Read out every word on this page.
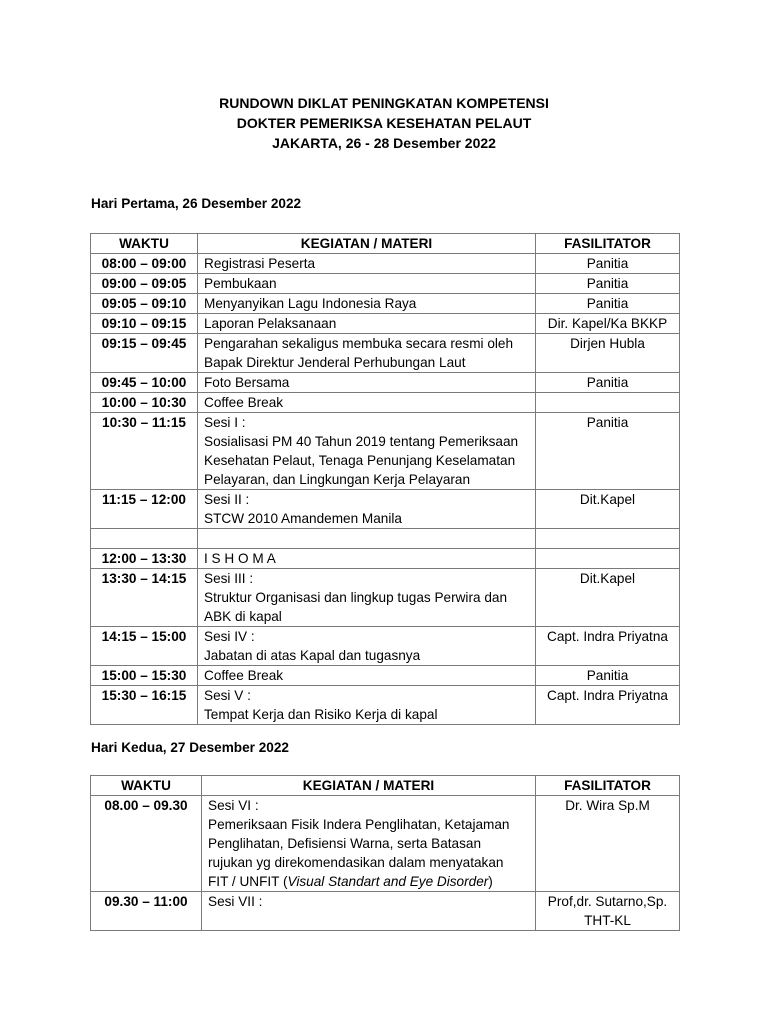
RUNDOWN DIKLAT PENINGKATAN KOMPETENSI
DOKTER PEMERIKSA KESEHATAN PELAUT
JAKARTA, 26 - 28 Desember 2022
Hari Pertama, 26 Desember 2022
WAKTU	KEGIATAN / MATERI	FASILITATOR
08:00 – 09:00	Registrasi Peserta	Panitia

09:00 – 09:05	Pembukaan	Panitia

09:05 – 09:10	Menyanyikan Lagu Indonesia Raya	Panitia

09:10 – 09:15	Laporan Pelaksanaan	Dir. Kapel/Ka BKKP

09:15 – 09:45	Pengarahan sekaligus membuka secara resmi oleh
Bapak Direktur Jenderal Perhubungan Laut	Dirjen Hubla

09:45 – 10:00	Foto Bersama	Panitia

10:00 – 10:30	Coffee Break	

10:30 – 11:15	Sesi I :
Sosialisasi PM 40 Tahun 2019 tentang Pemeriksaan
Kesehatan Pelaut, Tenaga Penunjang Keselamatan
Pelayaran, dan Lingkungan Kerja Pelayaran	Panitia

11:15 – 12:00	Sesi II :
STCW 2010 Amandemen Manila	Dit.Kapel

12:00 – 13:30	I S H O M A	

13:30 – 14:15	Sesi III :
Struktur Organisasi dan lingkup tugas Perwira dan
ABK di kapal	Dit.Kapel

14:15 – 15:00	Sesi IV :
Jabatan di atas Kapal dan tugasnya	Capt. Indra Priyatna

15:00 – 15:30	Coffee Break	Panitia

15:30 – 16:15	Sesi V :
Tempat Kerja dan Risiko Kerja di kapal	Capt. Indra Priyatna
Hari Kedua, 27 Desember 2022
WAKTU	KEGIATAN / MATERI	FASILITATOR
08.00 – 09.30	Sesi VI :
Pemeriksaan Fisik Indera Penglihatan, Ketajaman
Penglihatan, Defisiensi Warna, serta Batasan
rujukan yg direkomendasikan dalam menyatakan
FIT / UNFIT (Visual Standart and Eye Disorder)	Dr. Wira Sp.M

09.30 – 11:00	Sesi VII :	Prof,dr. Sutarno,Sp.
THT-KL
